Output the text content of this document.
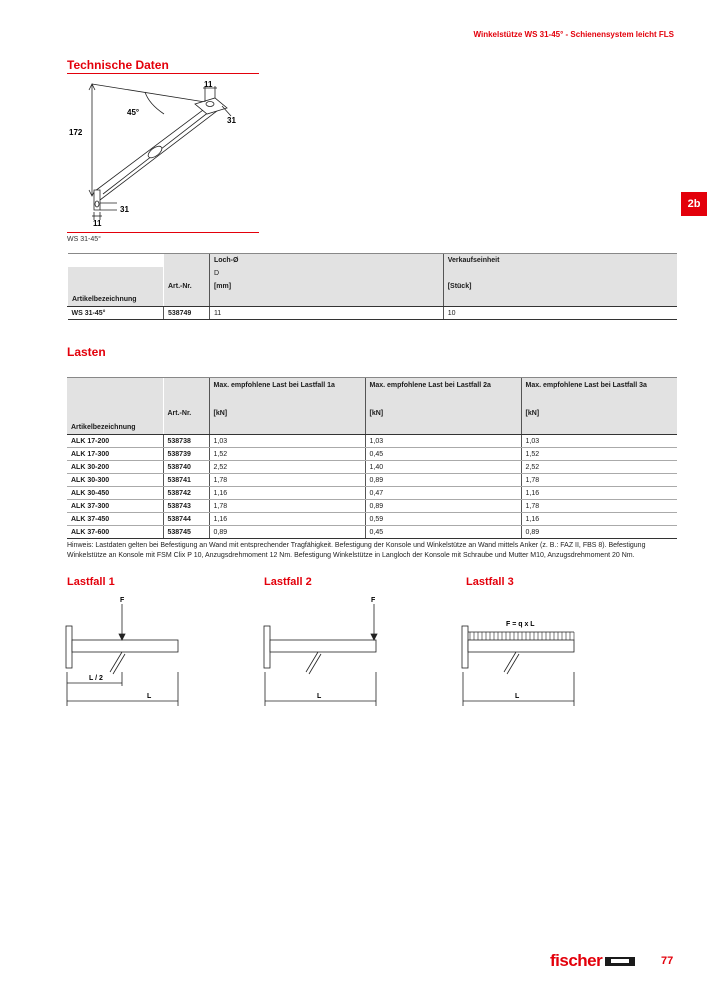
Winkelstütze WS 31-45° - Schienensystem leicht FLS
2b
Technische Daten
11
31
172
45°
31
11
WS 31-45°
		Loch-Ø	Verkaufseinheit
		D	
	Art.-Nr.	[mm]	[Stück]
Artikelbezeichnung			
WS 31-45°	538749	11	10
Lasten
		Max. empfohlene Last bei Lastfall 1a	Max. empfohlene Last bei Lastfall 2a	Max. empfohlene Last bei Lastfall 3a

	Art.-Nr.	[kN]	[kN]	[kN]
Artikelbezeichnung				
ALK 17-200	538738	1,03	1,03	1,03
ALK 17-300	538739	1,52	0,45	1,52
ALK 30-200	538740	2,52	1,40	2,52
ALK 30-300	538741	1,78	0,89	1,78
ALK 30-450	538742	1,16	0,47	1,16
ALK 37-300	538743	1,78	0,89	1,78
ALK 37-450	538744	1,16	0,59	1,16
ALK 37-600	538745	0,89	0,45	0,89
Hinweis: Lastdaten gelten bei Befestigung an Wand mit entsprechender Tragfähigkeit. Befestigung der Konsole und Winkelstütze an Wand mittels Anker (z. B.: FAZ II, FBS 8). Befestigung Winkelstütze an Konsole mit FSM Clix P 10, Anzugsdrehmoment 12 Nm. Befestigung Winkelstütze in Langloch der Konsole mit Schraube und Mutter M10, Anzugsdrehmoment 20 Nm.
Lastfall 1	Lastfall 2	Lastfall 3
F
L / 2
L
F
L
F = q x L
L
fischer	77
